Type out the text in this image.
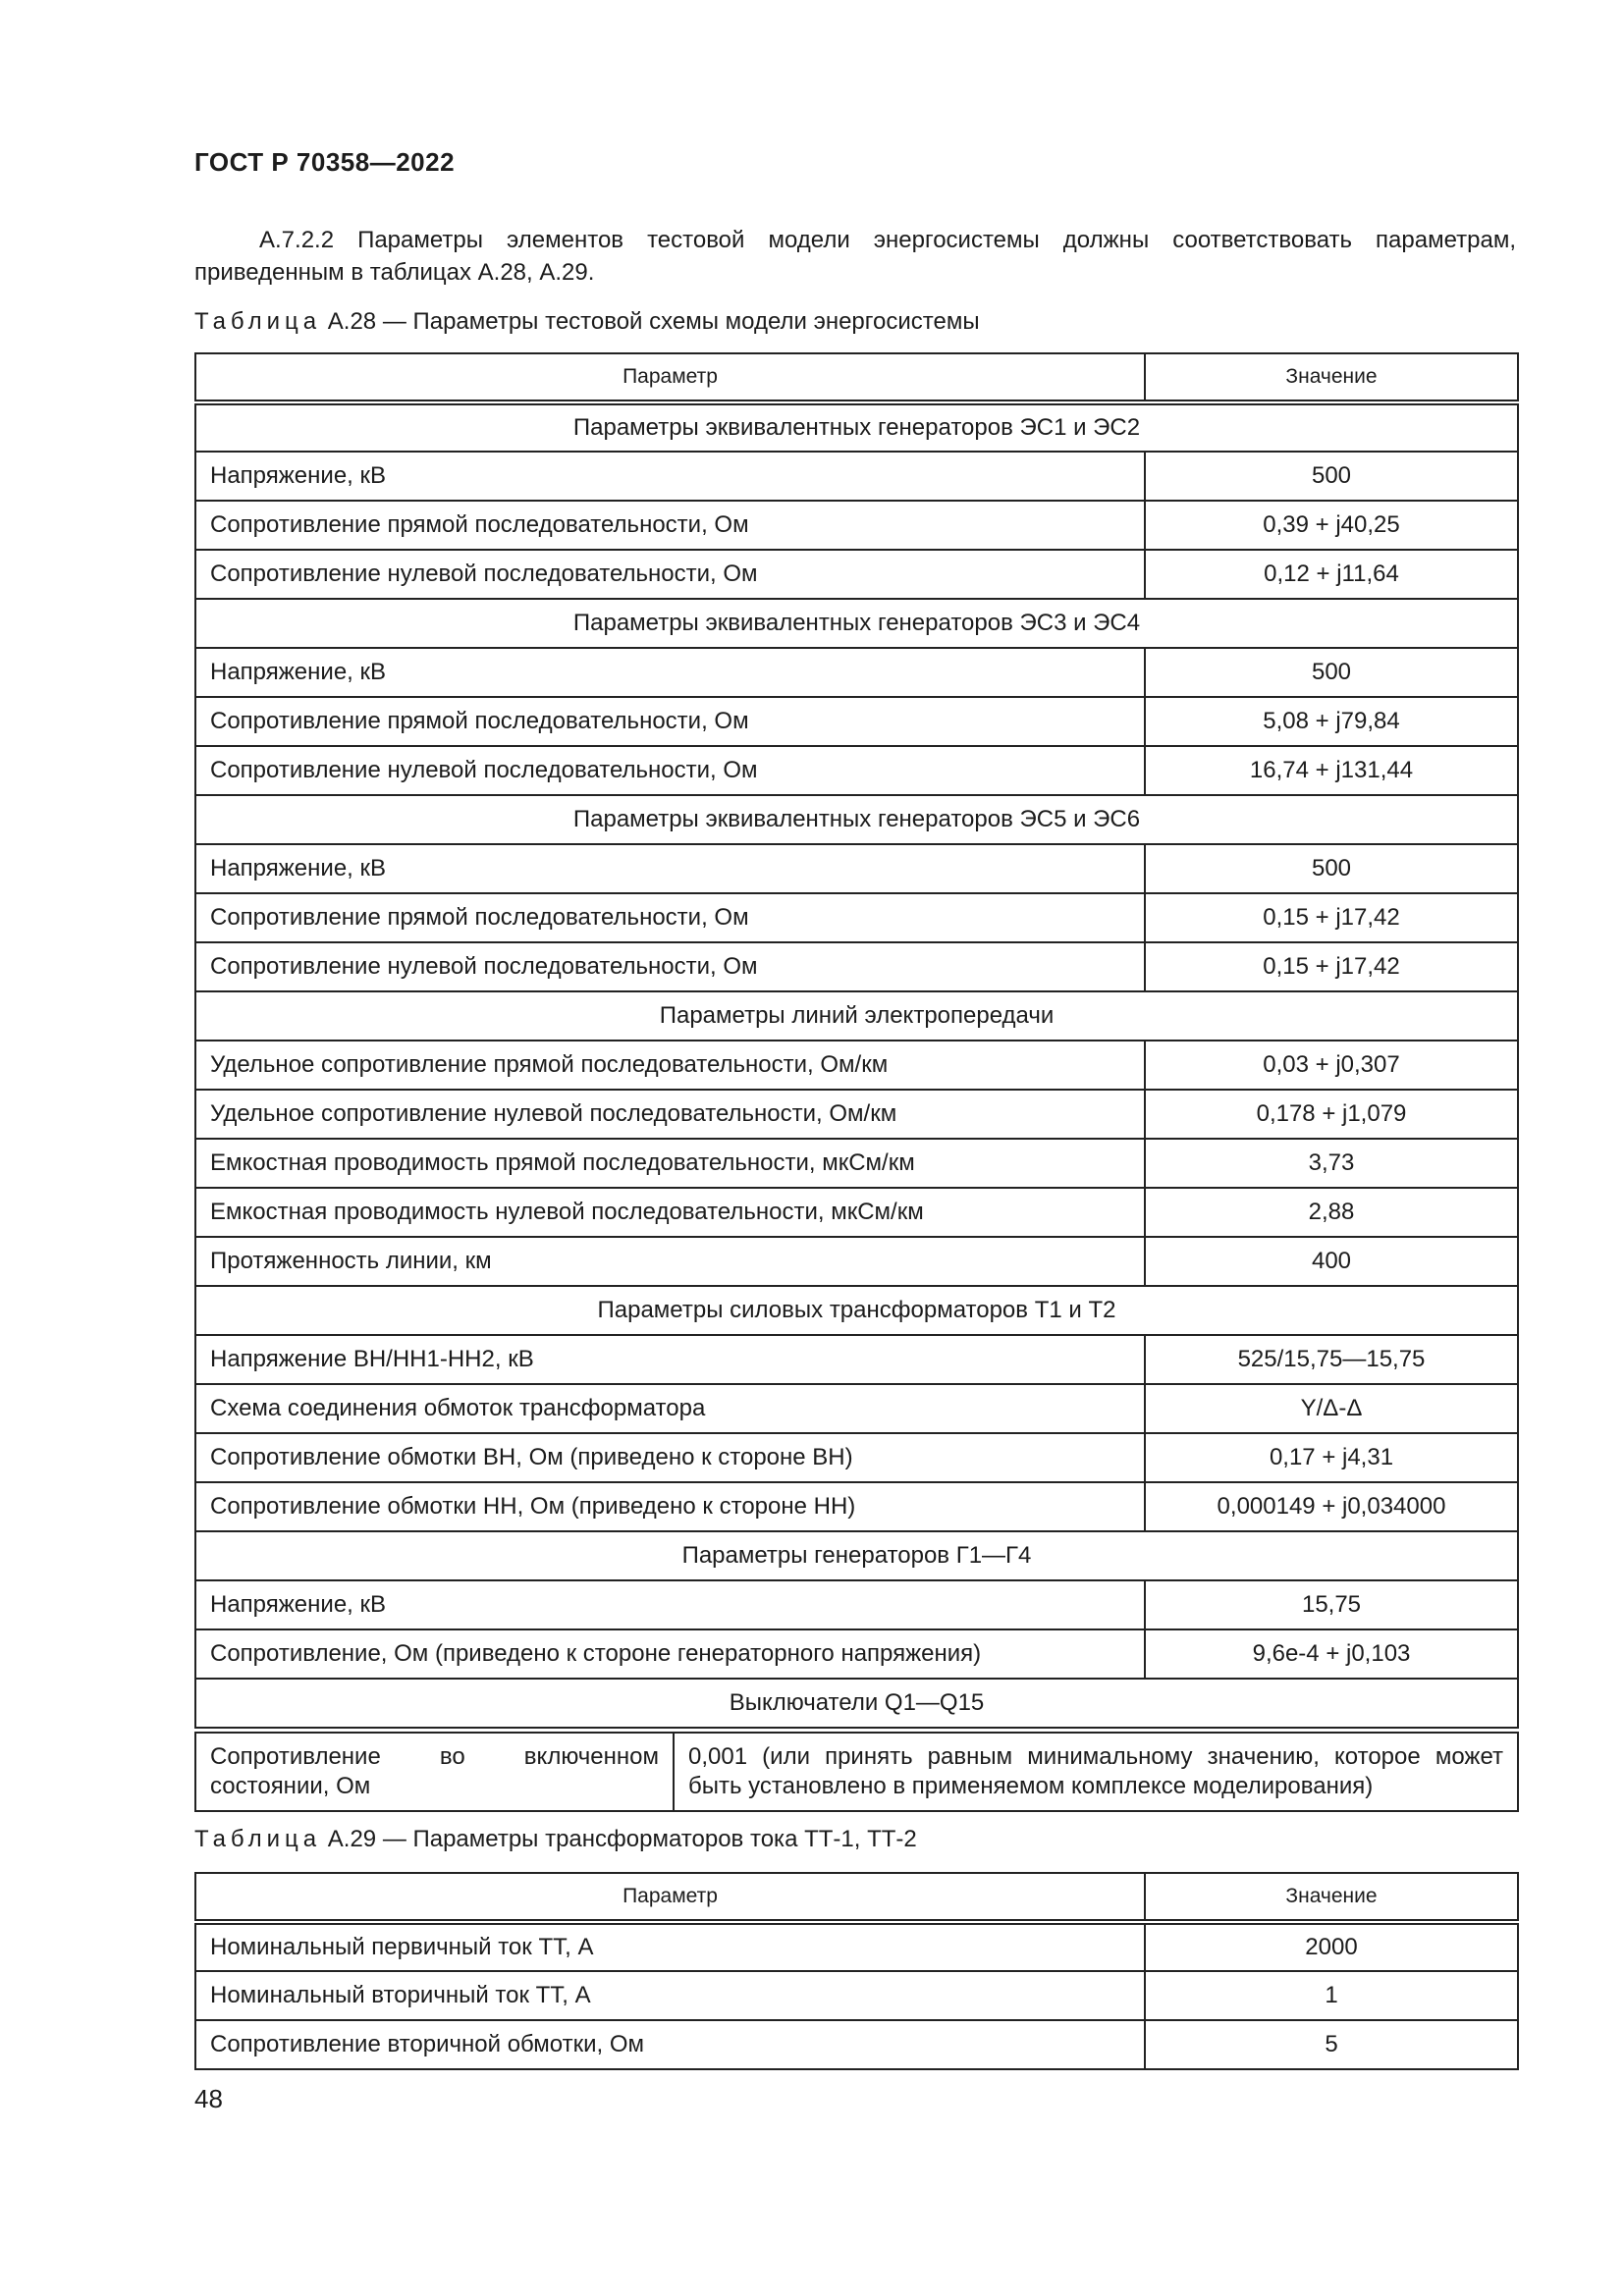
ГОСТ Р 70358—2022
А.7.2.2 Параметры элементов тестовой модели энергосистемы должны соответствовать параметрам, приведенным в таблицах А.28, А.29.
Таблица А.28 — Параметры тестовой схемы модели энергосистемы
Параметр	Значение
Параметры эквивалентных генераторов ЭС1 и ЭС2	
Напряжение, кВ	500
Сопротивление прямой последовательности, Ом	0,39 + j40,25
Сопротивление нулевой последовательности, Ом	0,12 + j11,64
Параметры эквивалентных генераторов ЭС3 и ЭС4	
Напряжение, кВ	500
Сопротивление прямой последовательности, Ом	5,08 + j79,84
Сопротивление нулевой последовательности, Ом	16,74 + j131,44
Параметры эквивалентных генераторов ЭС5 и ЭС6	
Напряжение, кВ	500
Сопротивление прямой последовательности, Ом	0,15 + j17,42
Сопротивление нулевой последовательности, Ом	0,15 + j17,42
Параметры линий электропередачи	
Удельное сопротивление прямой последовательности, Ом/км	0,03 + j0,307
Удельное сопротивление нулевой последовательности, Ом/км	0,178 + j1,079
Емкостная проводимость прямой последовательности, мкСм/км	3,73
Емкостная проводимость нулевой последовательности, мкСм/км	2,88
Протяженность линии, км	400
Параметры силовых трансформаторов Т1 и Т2	
Напряжение ВН/НН1-НН2, кВ	525/15,75—15,75
Схема соединения обмоток трансформатора	Y/Δ-Δ
Сопротивление обмотки ВН, Ом (приведено к стороне ВН)	0,17 + j4,31
Сопротивление обмотки НН, Ом (приведено к стороне НН)	0,000149 + j0,034000
Параметры генераторов Г1—Г4	
Напряжение, кВ	15,75
Сопротивление, Ом (приведено к стороне генераторного напряжения)	9,6e-4 + j0,103
Выключатели Q1—Q15	
Сопротивление во включенном состоянии, Ом	0,001 (или принять равным минимальному значению, которое может быть установлено в применяемом комплексе моделирования)
Таблица А.29 — Параметры трансформаторов тока ТТ-1, ТТ-2
Параметр	Значение
Номинальный первичный ток ТТ, А	2000
Номинальный вторичный ток ТТ, А	1
Сопротивление вторичной обмотки, Ом	5
48
